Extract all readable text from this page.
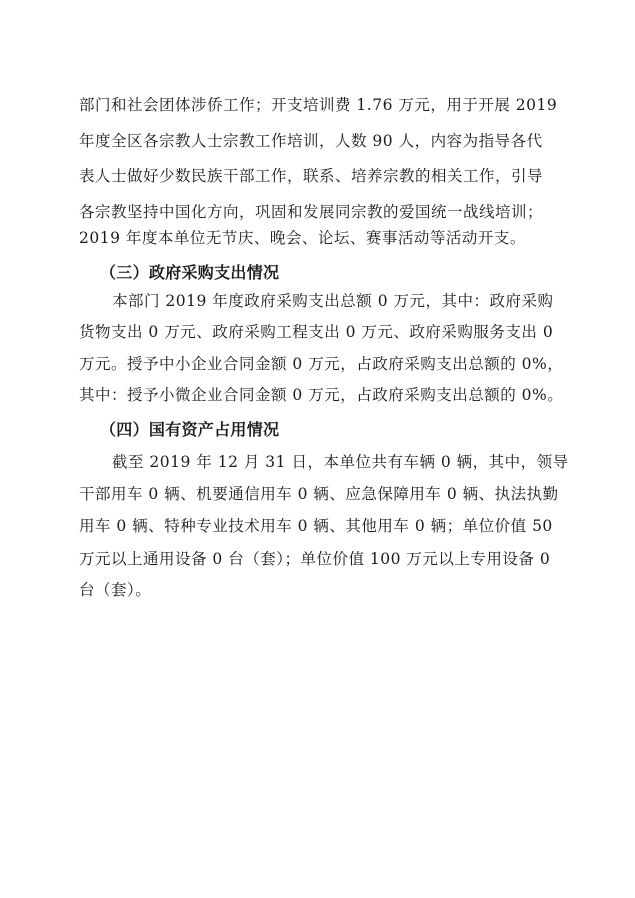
部门和社会团体涉侨工作；开支培训费 1.76 万元，用于开展 2019
年度全区各宗教人士宗教工作培训，人数 90 人，内容为指导各代
表人士做好少数民族干部工作，联系、培养宗教的相关工作，引导
各宗教坚持中国化方向，巩固和发展同宗教的爱国统一战线培训；
2019 年度本单位无节庆、晚会、论坛、赛事活动等活动开支。
（三）政府采购支出情况
本部门 2019 年度政府采购支出总额 0 万元，其中：政府采购
货物支出 0 万元、政府采购工程支出 0 万元、政府采购服务支出 0
万元。授予中小企业合同金额 0 万元，占政府采购支出总额的 0%，
其中：授予小微企业合同金额 0 万元，占政府采购支出总额的 0%。
（四）国有资产占用情况
截至 2019 年 12 月 31 日，本单位共有车辆 0 辆，其中，领导
干部用车 0 辆、机要通信用车 0 辆、应急保障用车 0 辆、执法执勤
用车 0 辆、特种专业技术用车 0 辆、其他用车 0 辆；单位价值 50
万元以上通用设备 0 台（套）；单位价值 100 万元以上专用设备 0
台（套）。
